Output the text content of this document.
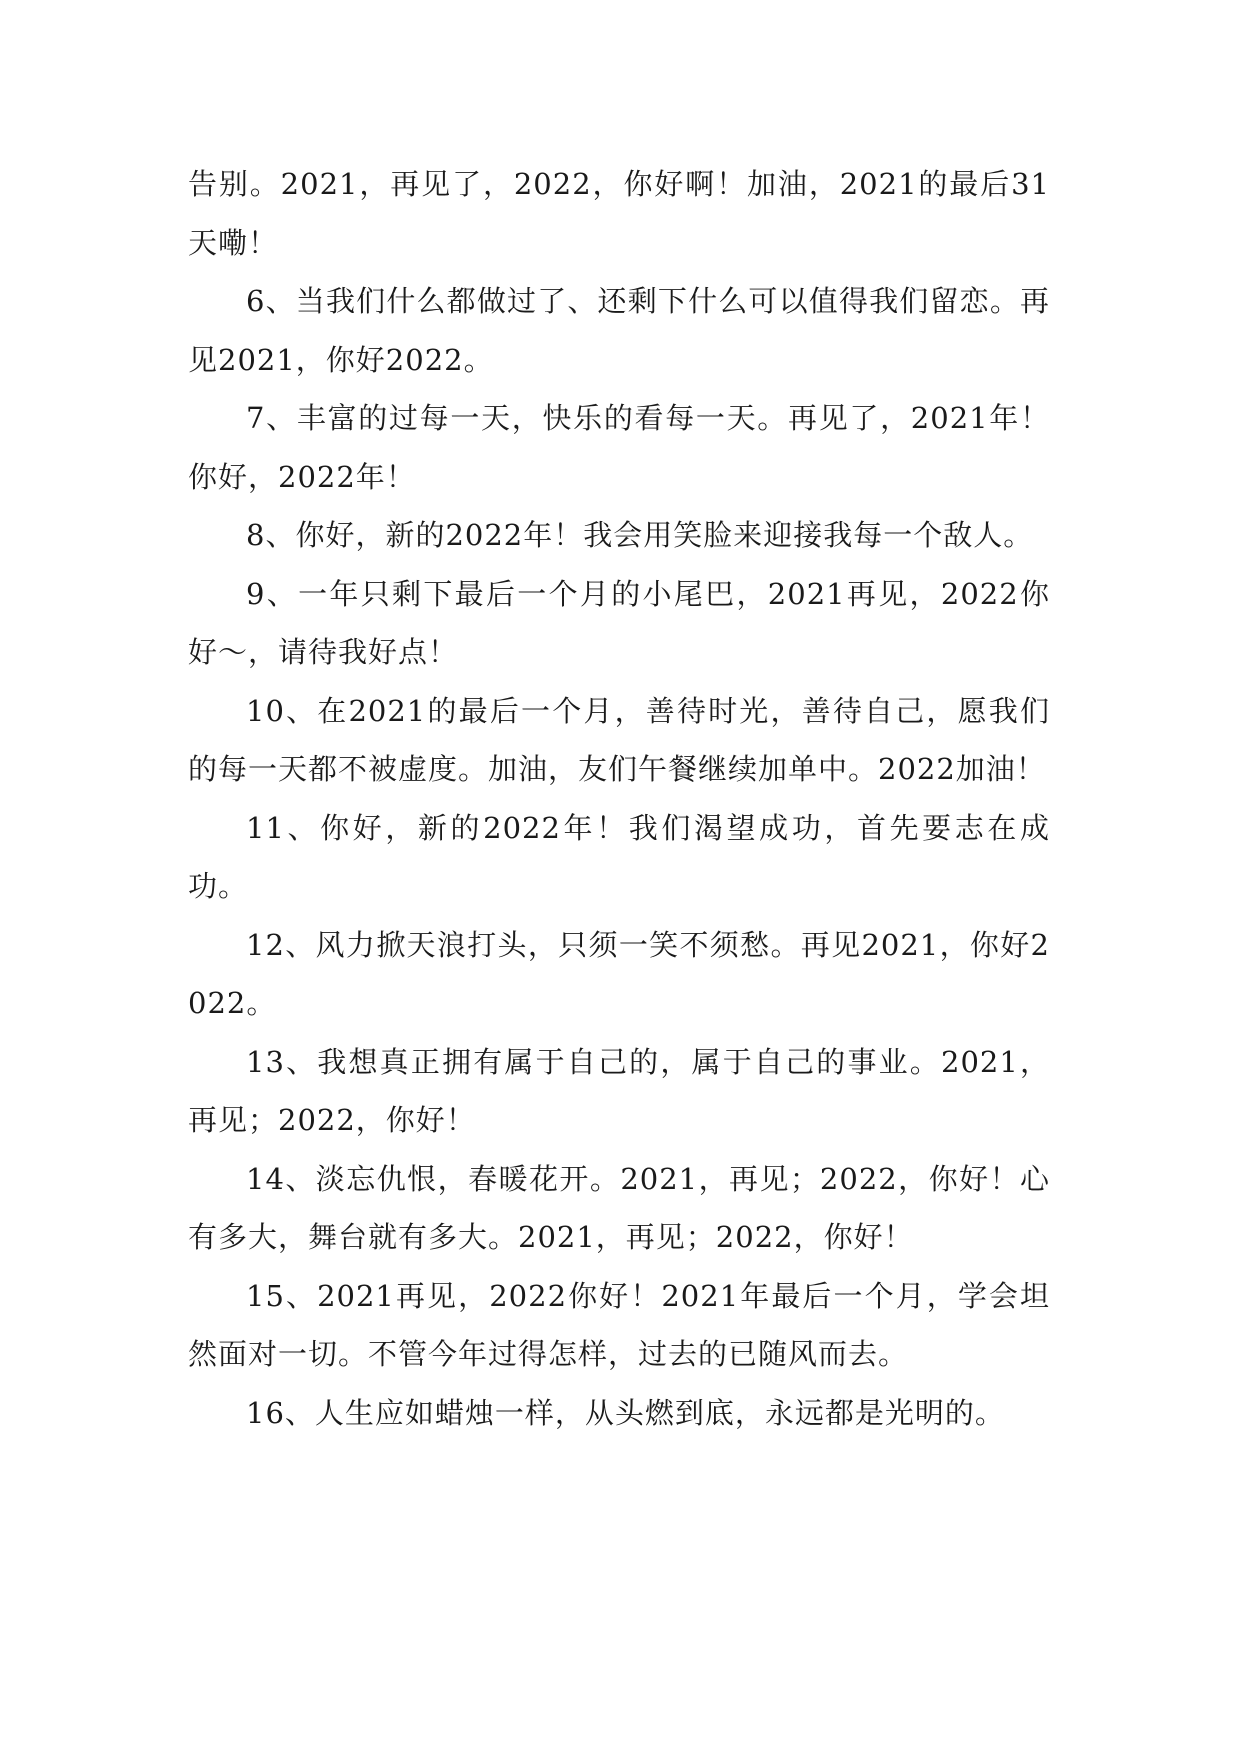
告别。2021，再见了，2022，你好啊！加油，2021的最后31天嘞！

6、当我们什么都做过了、还剩下什么可以值得我们留恋。再见2021，你好2022。

7、丰富的过每一天，快乐的看每一天。再见了，2021年！你好，2022年！

8、你好，新的2022年！我会用笑脸来迎接我每一个敌人。

9、一年只剩下最后一个月的小尾巴，2021再见，2022你好～，请待我好点！

10、在2021的最后一个月，善待时光，善待自己，愿我们的每一天都不被虚度。加油，友们午餐继续加单中。2022加油！

11、你好，新的2022年！我们渴望成功，首先要志在成功。

12、风力掀天浪打头，只须一笑不须愁。再见2021，你好2022。

13、我想真正拥有属于自己的，属于自己的事业。2021，再见；2022，你好！

14、淡忘仇恨，春暖花开。2021，再见；2022，你好！心有多大，舞台就有多大。2021，再见；2022，你好！

15、2021再见，2022你好！2021年最后一个月，学会坦然面对一切。不管今年过得怎样，过去的已随风而去。

16、人生应如蜡烛一样，从头燃到底，永远都是光明的。
